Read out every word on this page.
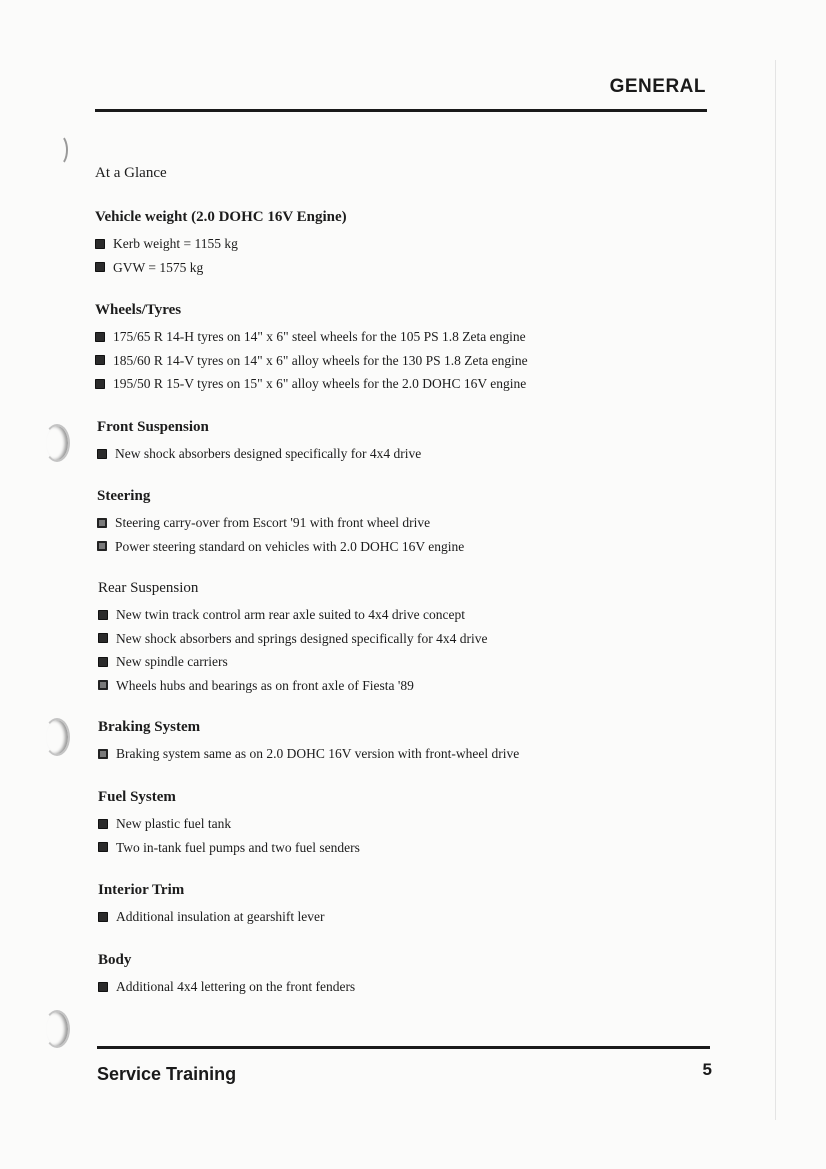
GENERAL
At a Glance
Vehicle weight (2.0 DOHC 16V Engine)
Kerb weight = 1155 kg
GVW = 1575 kg
Wheels/Tyres
175/65 R 14-H tyres on 14" x 6" steel wheels for the 105 PS 1.8 Zeta engine
185/60 R 14-V tyres on 14" x 6" alloy wheels for the 130 PS 1.8 Zeta engine
195/50 R 15-V tyres on 15" x 6" alloy wheels for the 2.0 DOHC 16V engine
Front Suspension
New shock absorbers designed specifically for 4x4 drive
Steering
Steering carry-over from Escort '91 with front wheel drive
Power steering standard on vehicles with 2.0 DOHC 16V engine
Rear Suspension
New twin track control arm rear axle suited to 4x4 drive concept
New shock absorbers and springs designed specifically for 4x4 drive
New spindle carriers
Wheels hubs and bearings as on front axle of Fiesta '89
Braking System
Braking system same as on 2.0 DOHC 16V version with front-wheel drive
Fuel System
New plastic fuel tank
Two in-tank fuel pumps and two fuel senders
Interior Trim
Additional insulation at gearshift lever
Body
Additional 4x4 lettering on the front fenders
Service Training	5
